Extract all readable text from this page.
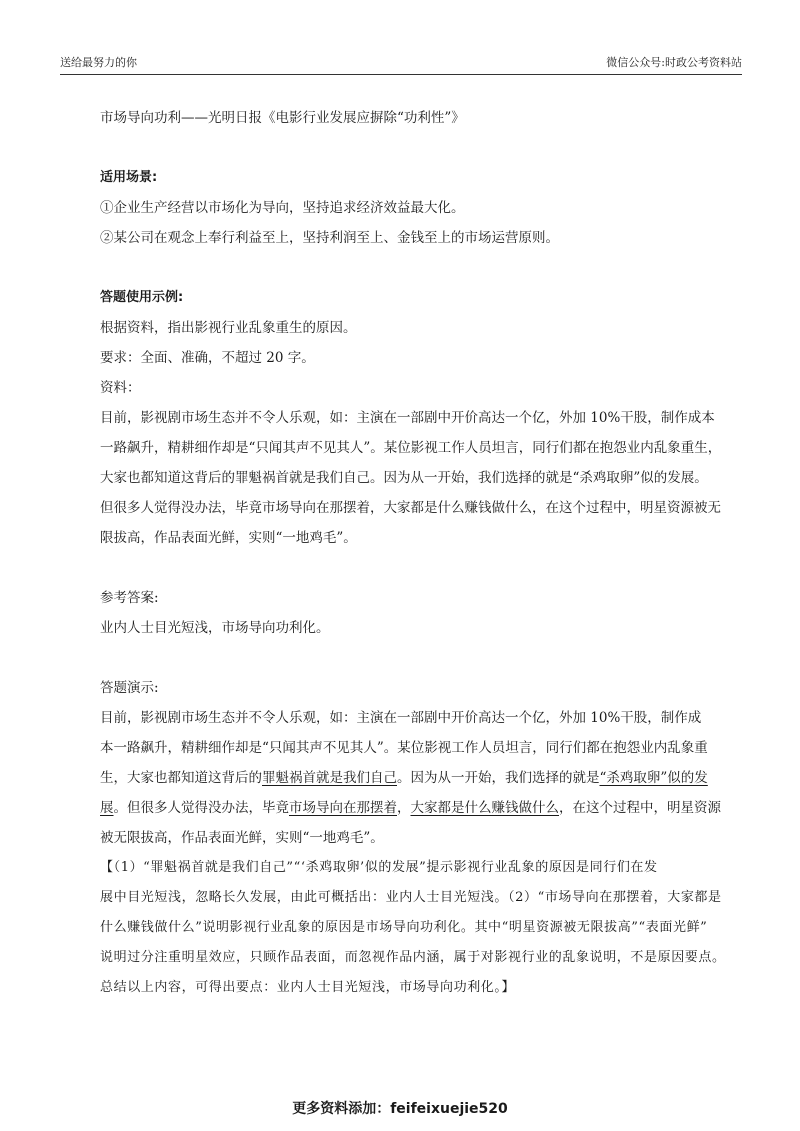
送给最努力的你	微信公众号:时政公考资料站
市场导向功利——光明日报《电影行业发展应摒除“功利性”》
适用场景:
①企业生产经营以市场化为导向，坚持追求经济效益最大化。
②某公司在观念上奉行利益至上，坚持利润至上、金钱至上的市场运营原则。
答题使用示例:
根据资料，指出影视行业乱象重生的原因。
要求：全面、准确，不超过 20 字。
资料：
目前，影视剧市场生态并不令人乐观，如：主演在一部剧中开价高达一个亿，外加 10%干股，制作成本
一路飙升，精耕细作却是“只闻其声不见其人”。某位影视工作人员坦言，同行们都在抱怨业内乱象重生，
大家也都知道这背后的罪魁祸首就是我们自己。因为从一开始，我们选择的就是“杀鸡取卵”似的发展。
但很多人觉得没办法，毕竟市场导向在那摆着，大家都是什么赚钱做什么，在这个过程中，明星资源被无
限拔高，作品表面光鲜，实则“一地鸡毛”。
参考答案:
业内人士目光短浅，市场导向功利化。
答题演示:
目前，影视剧市场生态并不令人乐观，如：主演在一部剧中开价高达一个亿，外加 10%干股，制作成
本一路飙升，精耕细作却是“只闻其声不见其人”。某位影视工作人员坦言，同行们都在抱怨业内乱象重
生，大家也都知道这背后的罪魁祸首就是我们自己。因为从一开始，我们选择的就是“杀鸡取卵”似的发
展。但很多人觉得没办法，毕竟市场导向在那摆着，大家都是什么赚钱做什么，在这个过程中，明星资源
被无限拔高，作品表面光鲜，实则“一地鸡毛”。
【（1）“罪魁祸首就是我们自己”“‘杀鸡取卵’似的发展”提示影视行业乱象的原因是同行们在发
展中目光短浅，忽略长久发展，由此可概括出：业内人士目光短浅。（2）“市场导向在那摆着，大家都是
什么赚钱做什么”说明影视行业乱象的原因是市场导向功利化。其中“明星资源被无限拔高”“表面光鲜”
说明过分注重明星效应，只顾作品表面，而忽视作品内涵，属于对影视行业的乱象说明，不是原因要点。
总结以上内容，可得出要点：业内人士目光短浅，市场导向功利化。】
更多资料添加：feifeixuejie520
